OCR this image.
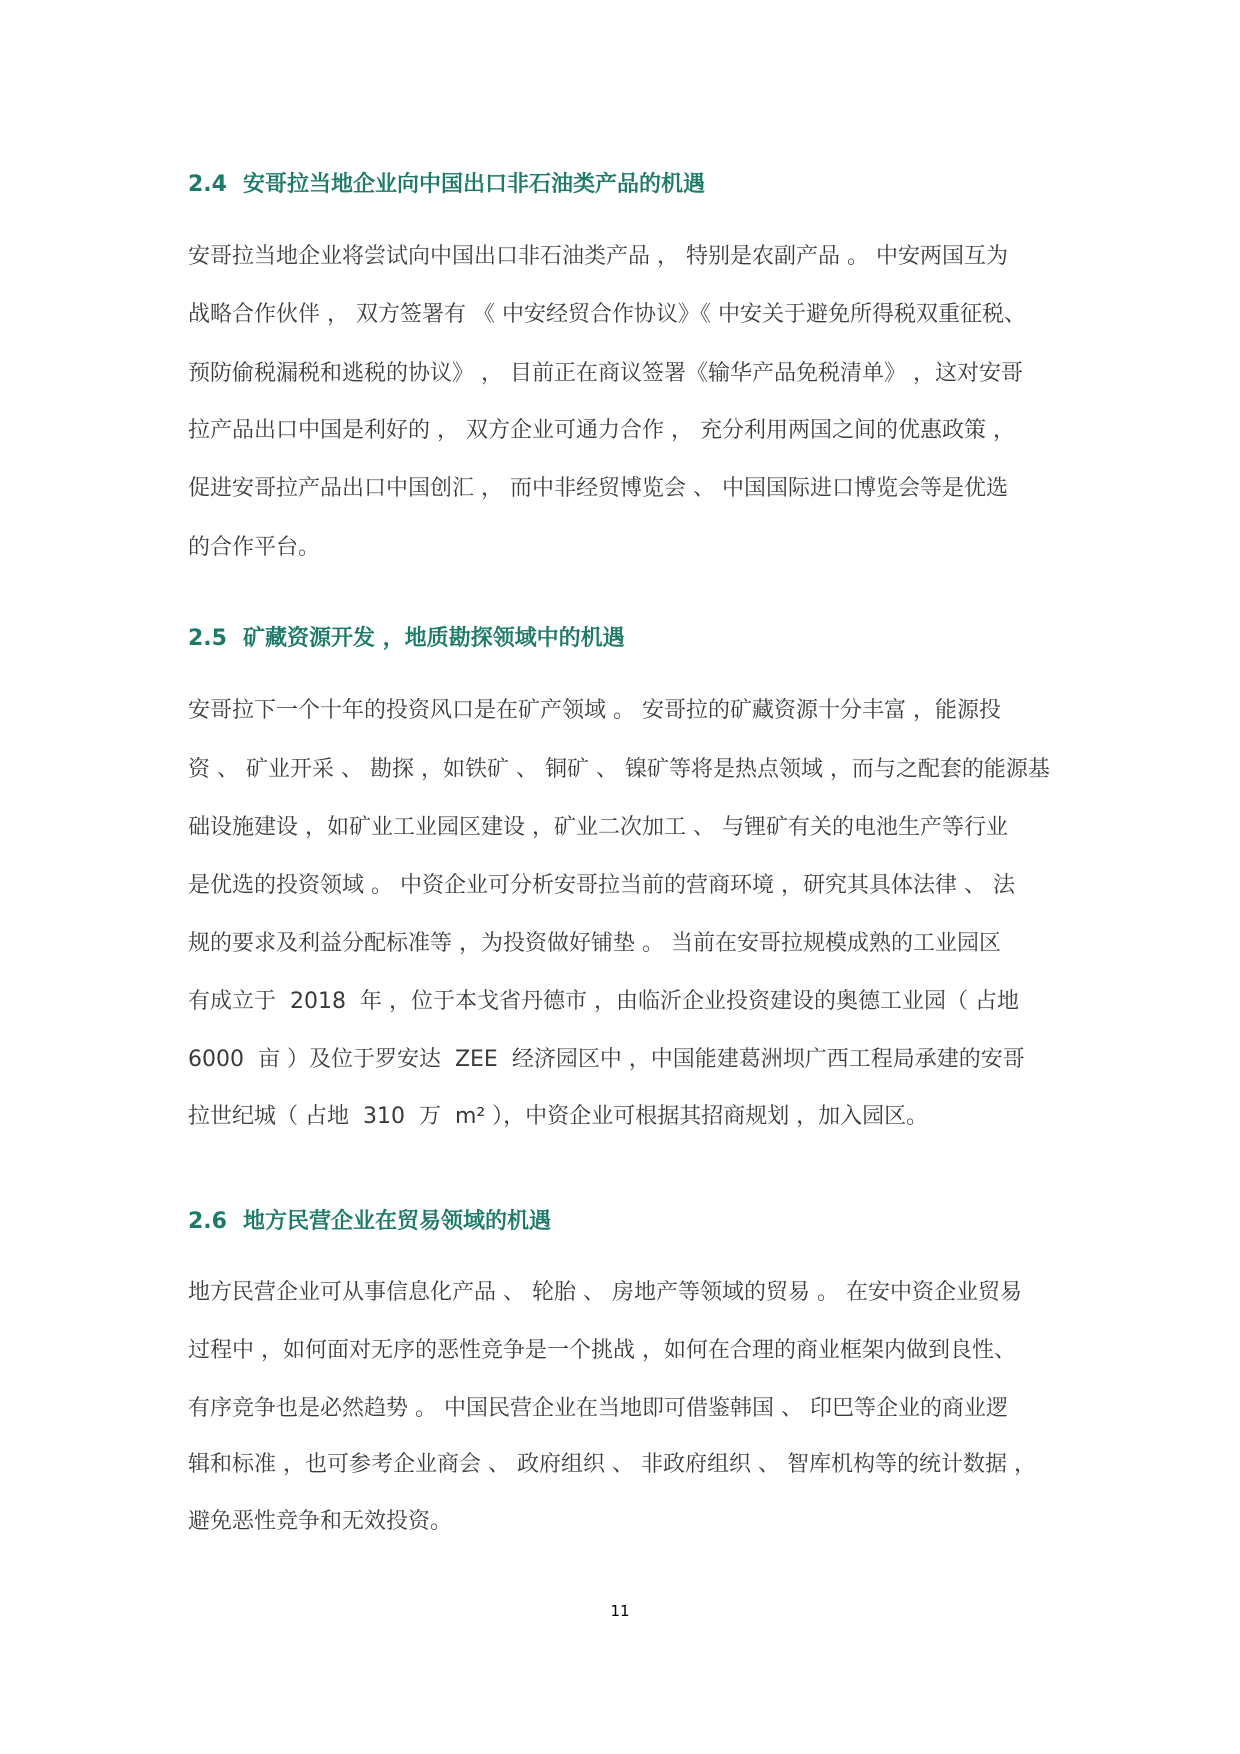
2.4 安哥拉当地企业向中国出口非石油类产品的机遇
安哥拉当地企业将尝试向中国出口非石油类产品 ， 特别是农副产品 。 中安两国互为
战略合作伙伴 ， 双方签署有 《 中安经贸合作协议》《 中安关于避免所得税双重征税、
预防偷税漏税和逃税的协议》 ， 目前正在商议签署《输华产品免税清单》 ，这对安哥
拉产品出口中国是利好的 ， 双方企业可通力合作 ， 充分利用两国之间的优惠政策 ，
促进安哥拉产品出口中国创汇 ， 而中非经贸博览会 、 中国国际进口博览会等是优选
的合作平台。
2.5 矿藏资源开发 ，地质勘探领域中的机遇
安哥拉下一个十年的投资风口是在矿产领域 。 安哥拉的矿藏资源十分丰富 ，能源投
资 、 矿业开采 、 勘探 ，如铁矿 、 铜矿 、 镍矿等将是热点领域 ，而与之配套的能源基
础设施建设 ，如矿业工业园区建设 ，矿业二次加工 、 与锂矿有关的电池生产等行业
是优选的投资领域 。 中资企业可分析安哥拉当前的营商环境 ，研究其具体法律 、 法
规的要求及利益分配标准等 ，为投资做好铺垫 。 当前在安哥拉规模成熟的工业园区
有成立于  2018  年 ，位于本戈省丹德市 ，由临沂企业投资建设的奥德工业园（ 占地
6000  亩 ）及位于罗安达  ZEE  经济园区中 ，中国能建葛洲坝广西工程局承建的安哥
拉世纪城（ 占地  310  万  m² ），中资企业可根据其招商规划 ，加入园区。
2.6 地方民营企业在贸易领域的机遇
地方民营企业可从事信息化产品 、 轮胎 、 房地产等领域的贸易 。 在安中资企业贸易
过程中 ，如何面对无序的恶性竞争是一个挑战 ，如何在合理的商业框架内做到良性、
有序竞争也是必然趋势 。 中国民营企业在当地即可借鉴韩国 、 印巴等企业的商业逻
辑和标准 ，也可参考企业商会 、 政府组织 、 非政府组织 、 智库机构等的统计数据 ，
避免恶性竞争和无效投资。
11
